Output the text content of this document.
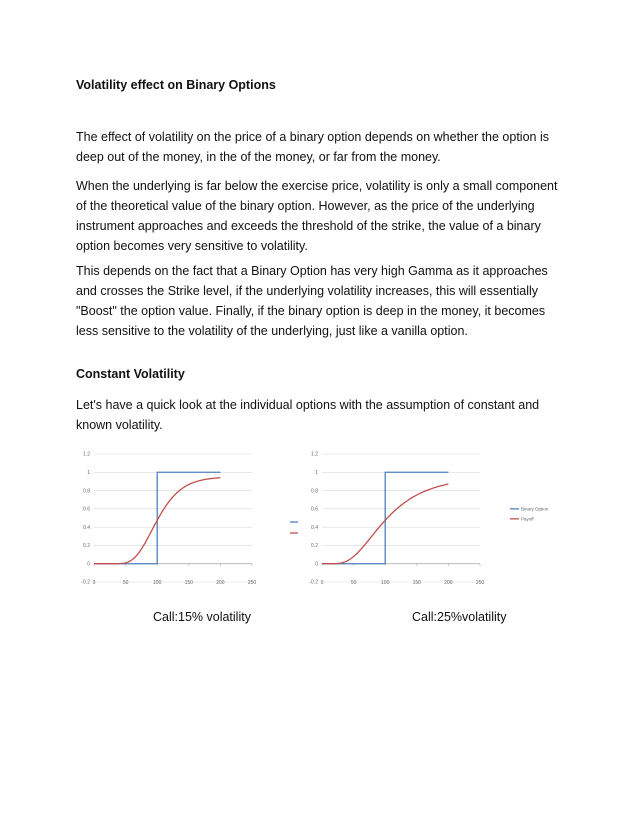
Volatility effect on Binary Options

The effect of volatility on the price of a binary option depends on whether the option is deep out of the money, in the of the money, or far from the money.

When the underlying is far below the exercise price, volatility is only a small component of the theoretical value of the binary option. However, as the price of the underlying instrument approaches and exceeds the threshold of the strike, the value of a binary option becomes very sensitive to volatility.

This depends on the fact that a Binary Option has very high Gamma as it approaches and crosses the Strike level, if the underlying volatility increases, this will essentially "Boost" the option value. Finally, if the binary option is deep in the money, it becomes less sensitive to the volatility of the underlying, just like a vanilla option.

Constant Volatility

Let's have a quick look at the individual options with the assumption of constant and known volatility.

-0.2
0
0.2
0.4
0.6
0.8
1
1.2
0	50	100	150	200	250	-0.2
0
0.2
0.4
0.6
0.8
1
1.2
0	50	100	150	200	250
Binary Option
Payoff

Call:15% volatility	Call:25%volatility
